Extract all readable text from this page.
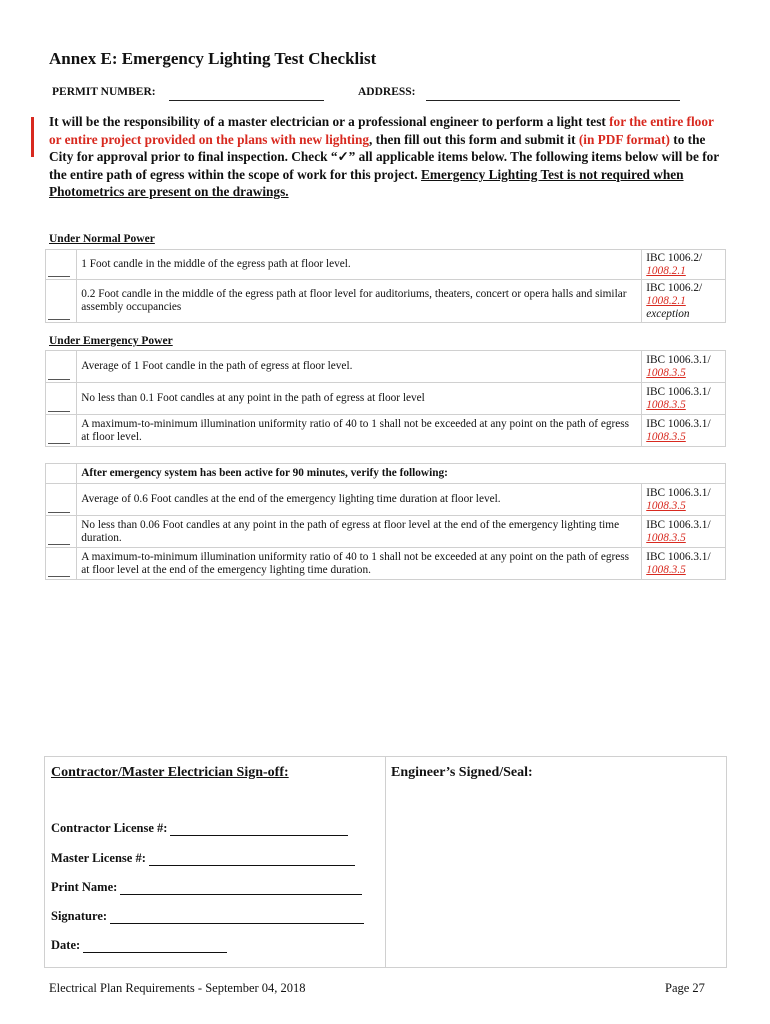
Annex E: Emergency Lighting Test Checklist
PERMIT NUMBER:	ADDRESS:
It will be the responsibility of a master electrician or a professional engineer to perform a light test for the entire floor or entire project provided on the plans with new lighting, then fill out this form and submit it (in PDF format) to the City for approval prior to final inspection. Check “✓” all applicable items below. The following items below will be for the entire path of egress within the scope of work for this project. Emergency Lighting Test is not required when Photometrics are present on the drawings.
Under Normal Power
	1 Foot candle in the middle of the egress path at floor level.	IBC 1006.2/
1008.2.1

	0.2 Foot candle in the middle of the egress path at floor level for auditoriums, theaters, concert or opera halls and similar assembly occupancies	IBC 1006.2/
1008.2.1
exception
Under Emergency Power
	Average of 1 Foot candle in the path of egress at floor level.	IBC 1006.3.1/
1008.3.5

	No less than 0.1 Foot candles at any point in the path of egress at floor level	IBC 1006.3.1/
1008.3.5

	A maximum-to-minimum illumination uniformity ratio of 40 to 1 shall not be exceeded at any point on the path of egress at floor level.	IBC 1006.3.1/
1008.3.5
	After emergency system has been active for 90 minutes, verify the following:	

	Average of 0.6 Foot candles at the end of the emergency lighting time duration at floor level.	IBC 1006.3.1/
1008.3.5

	No less than 0.06 Foot candles at any point in the path of egress at floor level at the end of the emergency lighting time duration.	IBC 1006.3.1/
1008.3.5

	A maximum-to-minimum illumination uniformity ratio of 40 to 1 shall not be exceeded at any point on the path of egress at floor level at the end of the emergency lighting time duration.	IBC 1006.3.1/
1008.3.5
Contractor/Master Electrician Sign-off:	Engineer’s Signed/Seal:
Contractor License #:
Master License #:
Print Name:
Signature:
Date:
Electrical Plan Requirements - September 04, 2018	Page 27
